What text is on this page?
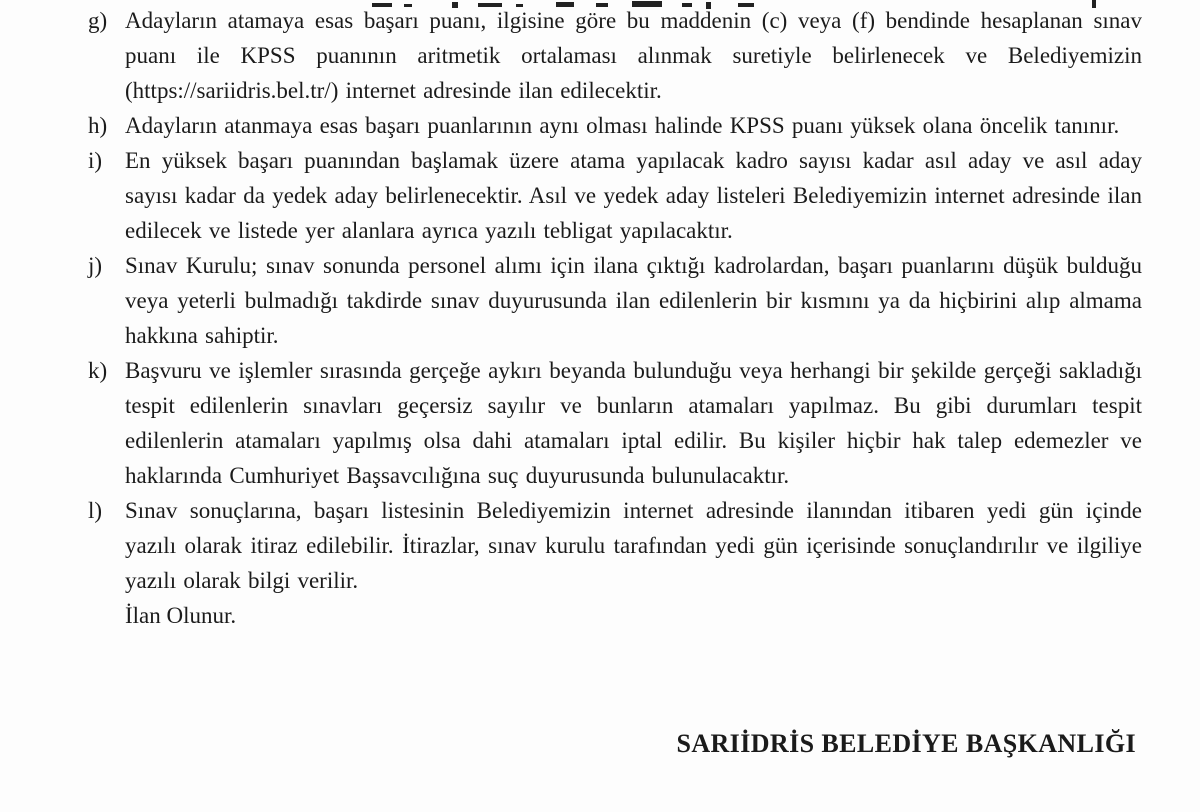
g) Adayların atamaya esas başarı puanı, ilgisine göre bu maddenin (c) veya (f) bendinde hesaplanan sınav puanı ile KPSS puanının aritmetik ortalaması alınmak suretiyle belirlenecek ve Belediyemizin (https://sariidris.bel.tr/) internet adresinde ilan edilecektir.
h) Adayların atanmaya esas başarı puanlarının aynı olması halinde KPSS puanı yüksek olana öncelik tanınır.
i) En yüksek başarı puanından başlamak üzere atama yapılacak kadro sayısı kadar asıl aday ve asıl aday sayısı kadar da yedek aday belirlenecektir. Asıl ve yedek aday listeleri Belediyemizin internet adresinde ilan edilecek ve listede yer alanlara ayrıca yazılı tebligat yapılacaktır.
j) Sınav Kurulu; sınav sonunda personel alımı için ilana çıktığı kadrolardan, başarı puanlarını düşük bulduğu veya yeterli bulmadığı takdirde sınav duyurusunda ilan edilenlerin bir kısmını ya da hiçbirini alıp almama hakkına sahiptir.
k) Başvuru ve işlemler sırasında gerçeğe aykırı beyanda bulunduğu veya herhangi bir şekilde gerçeği sakladığı tespit edilenlerin sınavları geçersiz sayılır ve bunların atamaları yapılmaz. Bu gibi durumları tespit edilenlerin atamaları yapılmış olsa dahi atamaları iptal edilir. Bu kişiler hiçbir hak talep edemezler ve haklarında Cumhuriyet Başsavcılığına suç duyurusunda bulunulacaktır.
l) Sınav sonuçlarına, başarı listesinin Belediyemizin internet adresinde ilanından itibaren yedi gün içinde yazılı olarak itiraz edilebilir. İtirazlar, sınav kurulu tarafından yedi gün içerisinde sonuçlandırılır ve ilgiliye yazılı olarak bilgi verilir.
İlan Olunur.
SARIİDRİS BELEDİYE BAŞKANLIĞI
